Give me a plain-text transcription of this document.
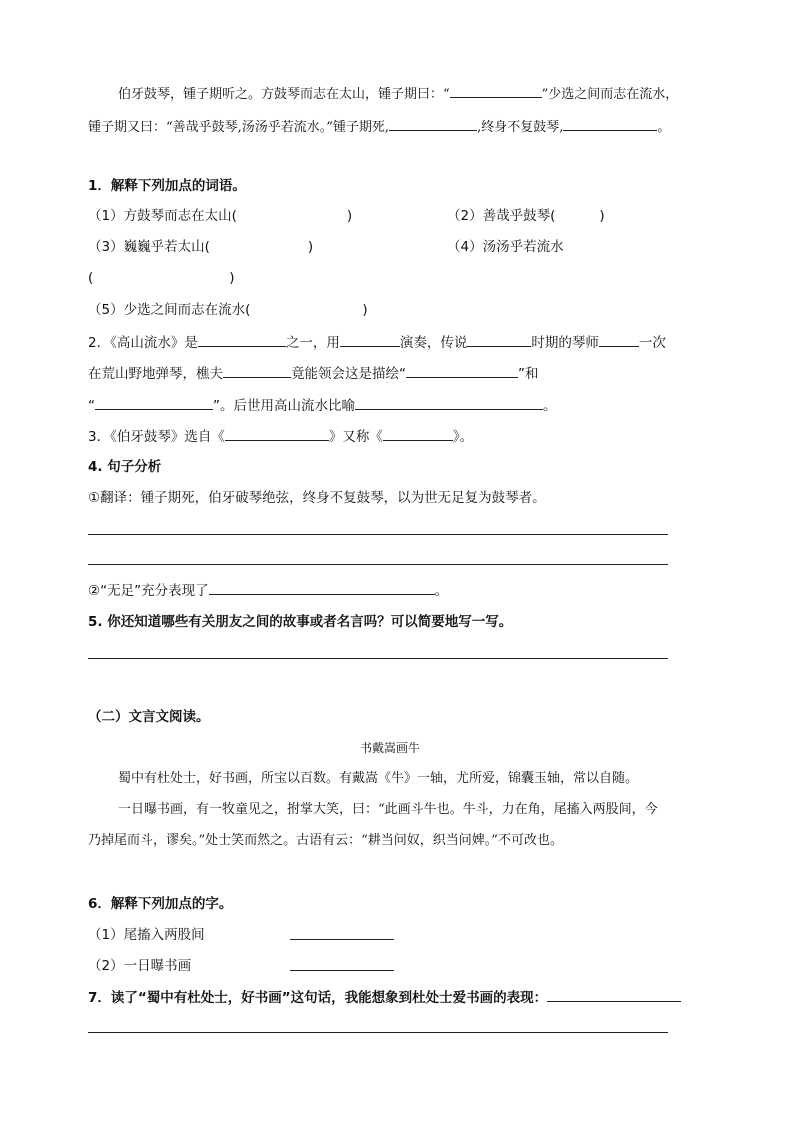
伯牙鼓琴，锺子期听之。方鼓琴而志在太山，锺子期曰：“	”少选之间而志在流水，
锺子期又曰：“善哉乎鼓琴,汤汤乎若流水。”锺子期死,	,终身不复鼓琴,	。
1．解释下列加点的词语。
（1）方鼓琴而志在太山(	)	（2）善哉乎鼓琴(	)
（3）巍巍乎若太山(	)	（4）汤汤乎若流水
(	)
（5）少选之间而志在流水(	)
2．《高山流水》是	之一，用	演奏，传说	时期的琴师	一次
在荒山野地弹琴，樵夫	竟能领会这是描绘“	”和
“	”。后世用高山流水比喻	。
3．《伯牙鼓琴》选自《	》又称《	》。
4. 句子分析
①翻译：锺子期死，伯牙破琴绝弦，终身不复鼓琴，以为世无足复为鼓琴者。
②“无足”充分表现了	。
5. 你还知道哪些有关朋友之间的故事或者名言吗？可以简要地写一写。
（二）文言文阅读。
书戴嵩画牛
蜀中有杜处士，好书画，所宝以百数。有戴嵩《牛》一轴，尤所爱，锦囊玉轴，常以自随。
一日曝书画，有一牧童见之，拊掌大笑，曰：“此画斗牛也。牛斗，力在角，尾搐入两股间，今
乃掉尾而斗，谬矣。”处士笑而然之。古语有云：“耕当问奴，织当问婢。”不可改也。
6．解释下列加点的字。
（1）尾搐入两股间
（2）一日曝书画
7．读了“蜀中有杜处士，好书画”这句话，我能想象到杜处士爱书画的表现：
